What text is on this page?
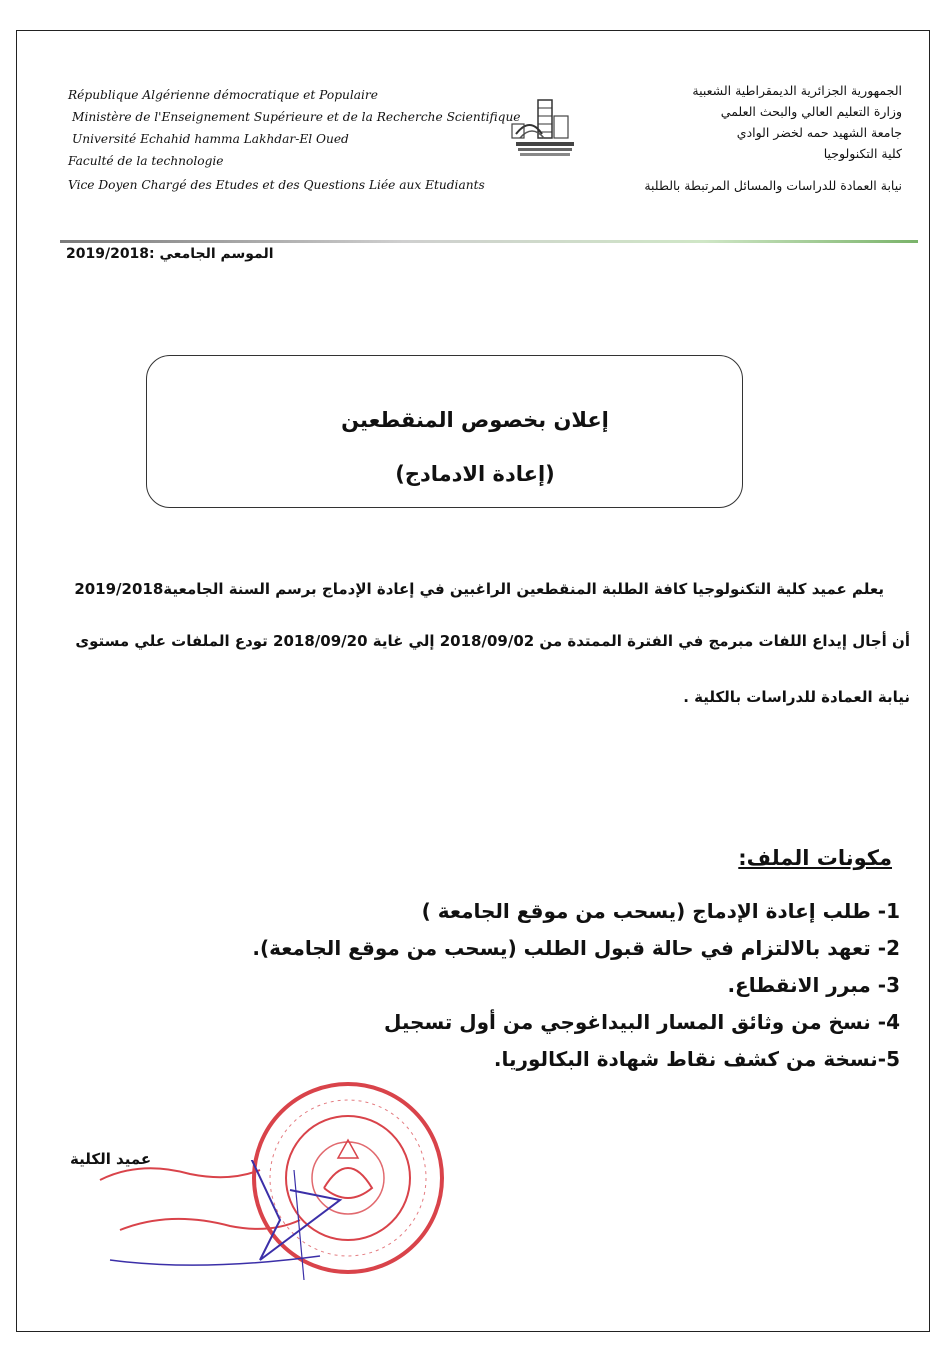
République Algérienne démocratique et Populaire
Ministère de l'Enseignement Supérieure et de la Recherche Scientifique
Université Echahid hamma Lakhdar-El Oued
Faculté de la technologie
الجمهورية الجزائرية الديمقراطية الشعبية
وزارة التعليم العالي والبحث العلمي
جامعة الشهيد حمه لخضر الوادي
كلية التكنولوجيا
Vice Doyen Chargé des Etudes et des Questions Liée aux Etudiants	نيابة العمادة للدراسات والمسائل المرتبطة بالطلبة
الموسم الجامعي :2019/2018
إعلان بخصوص المنقطعين
(إعادة الادمادج)
يعلم عميد كلية التكنولوجيا كافة الطلبة المنقطعين الراغبين في إعادة الإدماج برسم السنة الجامعية2019/2018
أن أجال إيداع اللفات مبرمج في الفترة الممتدة من 2018/09/02 إلي غاية 2018/09/20 تودع الملفات علي مستوى
نيابة العمادة للدراسات بالكلية .
مكونات الملف:
1- طلب إعادة الإدماج (يسحب من موقع الجامعة )
2- تعهد بالالتزام في حالة قبول الطلب (يسحب من موقع الجامعة).
3- مبرر الانقطاع.
4- نسخ من وثائق المسار البيداغوجي من أول تسجيل
5-نسخة من كشف نقاط شهادة البكالوريا.
عميد الكلية
